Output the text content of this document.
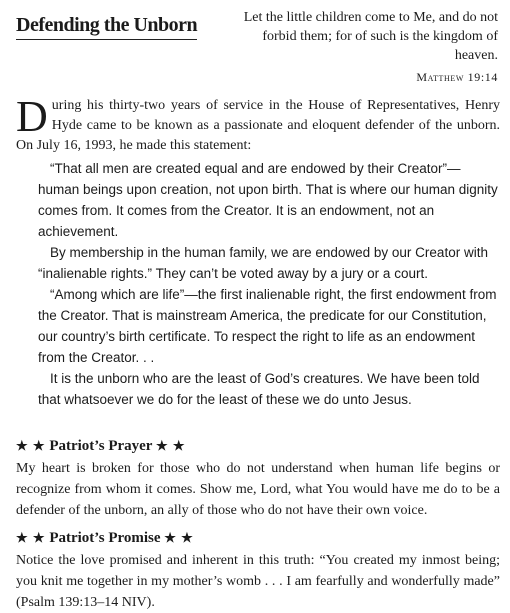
Defending the Unborn	Let the little children come to Me, and do not forbid them; for of such is the kingdom of heaven.
Matthew 19:14
During his thirty-two years of service in the House of Representatives, Henry Hyde came to be known as a passionate and eloquent defender of the unborn. On July 16, 1993, he made this statement:

“That all men are created equal and are endowed by their Creator”—human beings upon creation, not upon birth. That is where our human dignity comes from. It comes from the Creator. It is an endowment, not an achievement.

By membership in the human family, we are endowed by our Creator with “inalienable rights.” They can’t be voted away by a jury or a court.

“Among which are life”—the first inalienable right, the first endowment from the Creator. That is mainstream America, the predicate for our Constitution, our country’s birth certificate. To respect the right to life as an endowment from the Creator. . .

It is the unborn who are the least of God’s creatures. We have been told that whatsoever we do for the least of these we do unto Jesus.

★ ★ Patriot’s Prayer ★ ★
My heart is broken for those who do not understand when human life begins or recognize from whom it comes. Show me, Lord, what You would have me do to be a defender of the unborn, an ally of those who do not have their own voice.
★ ★ Patriot’s Promise ★ ★
Notice the love promised and inherent in this truth: “You created my inmost being; you knit me together in my mother’s womb . . . I am fearfully and wonderfully made” (Psalm 139:13–14 NIV).
